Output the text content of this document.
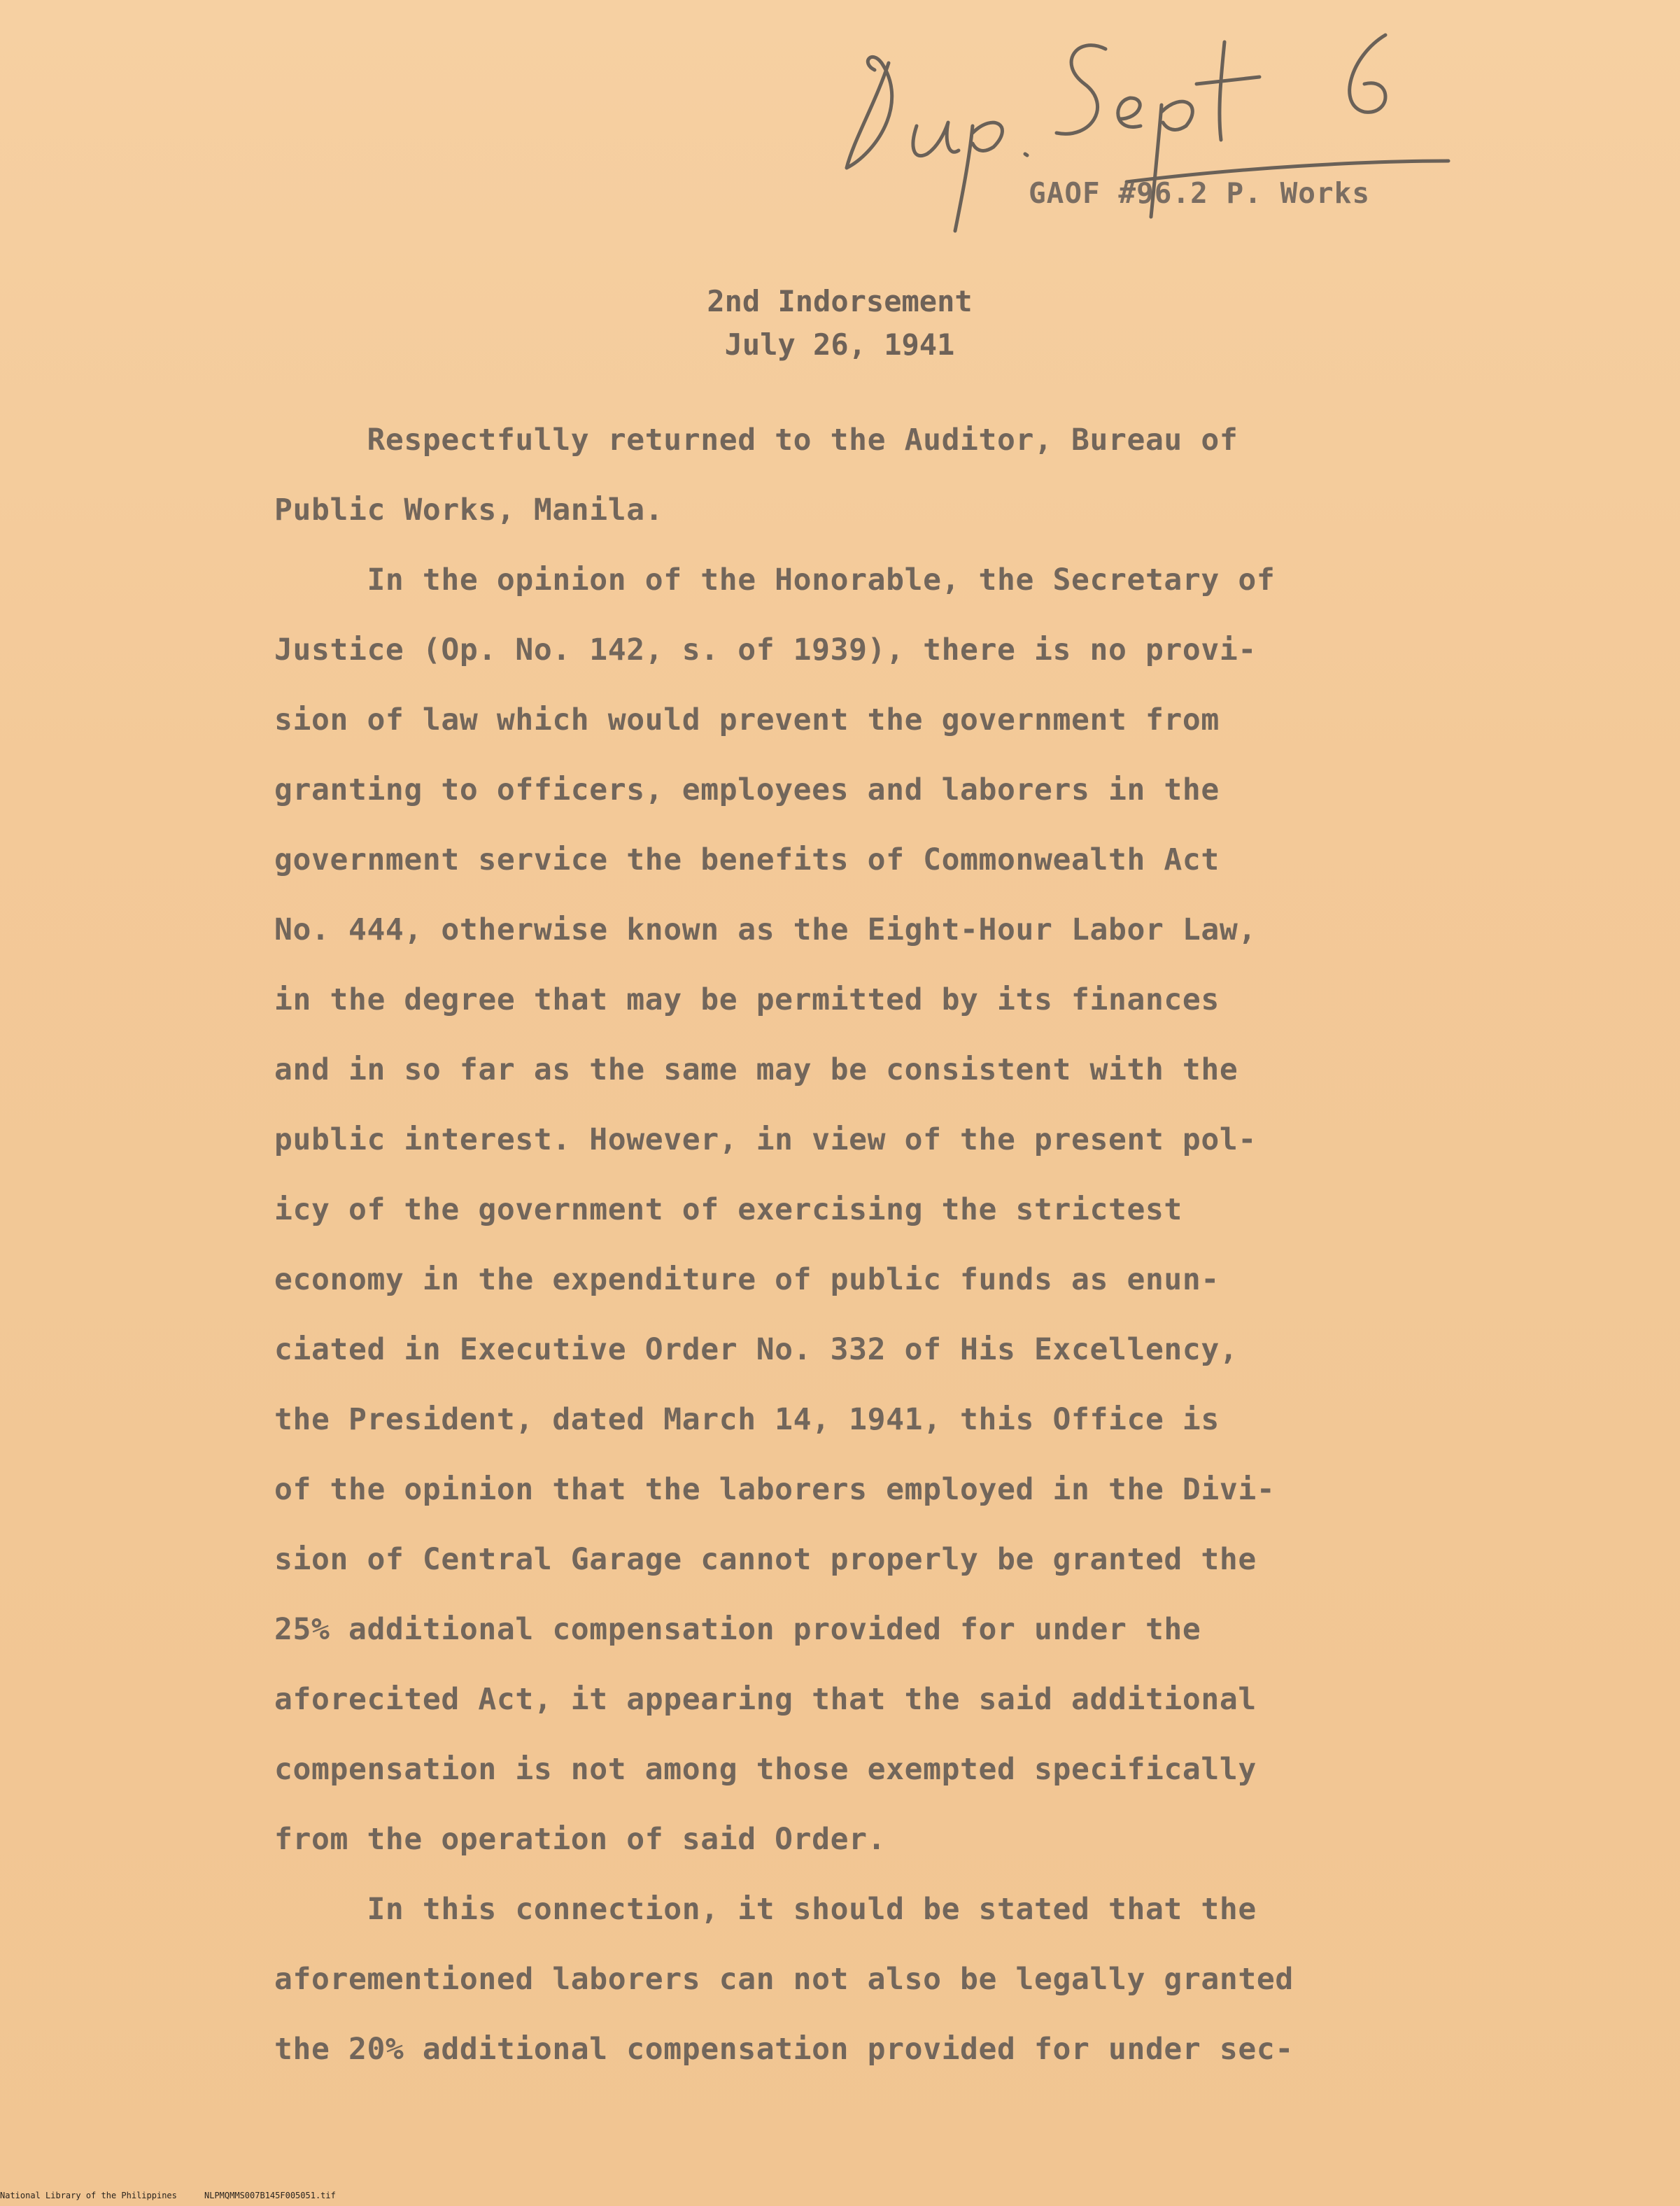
GAOF #96.2 P. Works
2nd Indorsement
July 26, 1941
Respectfully returned to the Auditor, Bureau of
Public Works, Manila.
In the opinion of the Honorable, the Secretary of
Justice (Op. No. 142, s. of 1939), there is no provi-
sion of law which would prevent the government from
granting to officers, employees and laborers in the
government service the benefits of Commonwealth Act
No. 444, otherwise known as the Eight-Hour Labor Law,
in the degree that may be permitted by its finances
and in so far as the same may be consistent with the
public interest. However, in view of the present pol-
icy of the government of exercising the strictest
economy in the expenditure of public funds as enun-
ciated in Executive Order No. 332 of His Excellency,
the President, dated March 14, 1941, this Office is
of the opinion that the laborers employed in the Divi-
sion of Central Garage cannot properly be granted the
25% additional compensation provided for under the
aforecited Act, it appearing that the said additional
compensation is not among those exempted specifically
from the operation of said Order.
In this connection, it should be stated that the
aforementioned laborers can not also be legally granted
the 20% additional compensation provided for under sec-
National Library of the Philippines	NLPMQMMS007B145F005051.tif
